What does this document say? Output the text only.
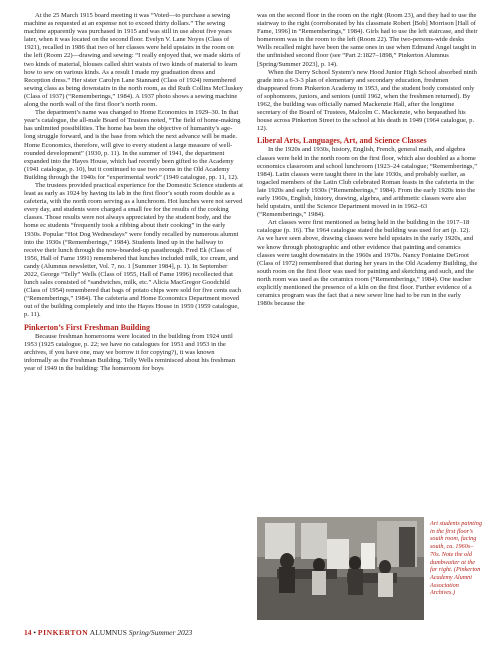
At the 25 March 1915 board meeting it was “Voted—to purchase a sewing machine as requested at an expense not to exceed thirty dollars.” The sewing machine apparently was purchased in 1915 and was still in use about five years later, when it was located on the second floor. Evelyn V. Lane Noyes (Class of 1921), recalled in 1986 that two of her classes were held upstairs in the room on the left (Room 22)—drawing and sewing: “I really enjoyed that, we made skirts of two kinds of material, blouses called shirt waists of two kinds of material to learn how to sew on various kinds. As a result I made my graduation dress and Reception dress.” Her sister Carolyn Lane Stannard (Class of 1924) remembered sewing class as being downstairs in the north room, as did Ruth Collins McCluskey (Class of 1937) (“Rememberings,” 1984). A 1937 photo shows a sewing machine along the north wall of the first floor’s north room.

The department’s name was changed to Home Economics in 1929–30. In that year’s catalogue, the all-male Board of Trustees noted, “The field of home-making has unlimited possibilities. The home has been the objective of humanity’s age-long struggle forward, and is the base from which the next advance will be made. Home Economics, therefore, will give to every student a large measure of well-rounded development” (1930, p. 11). In the summer of 1941, the department expanded into the Hayes House, which had recently been gifted to the Academy (1941 catalogue, p. 10), but it continued to use two rooms in the Old Academy Building through the 1940s for “experimental work” (1949 catalogue, pp. 11, 12).

The trustees provided practical experience for the Domestic Science students at least as early as 1924 by having its lab in the first floor’s south room double as a cafeteria, with the north room serving as a lunchroom. Hot lunches were not served every day, and students were charged a small fee for the results of the cooking classes. Those results were not always appreciated by the student body, and the home ec students “frequently took a ribbing about their cooking” in the early 1930s. Popular “Hot Dog Wednesdays” were fondly recalled by numerous alumni into the 1930s (“Rememberings,” 1984). Students lined up in the hallway to receive their lunch through the now-boarded-up passthrough. Fred Ek (Class of 1956, Hall of Fame 1991) remembered that lunches included milk, ice cream, and candy (Alumnus newsletter, Vol. 7, no. 1 [Summer 1984], p. 1). In September 2022, George “Telly” Wells (Class of 1955, Hall of Fame 1996) recollected that lunch sales consisted of “sandwiches, milk, etc.” Alicia MacGregor Goodchild (Class of 1954) remembered that bags of potato chips were sold for five cents each (“Rememberings,” 1984). The cafeteria and Home Economics Department moved out of the building completely and into the Hayes House in 1959 (1959 catalogue, p. 11).

Pinkerton’s First Freshman Building

Because freshman homerooms were located in the building from 1924 until 1953 (1925 catalogue, p. 22; we have no catalogues for 1951 and 1953 in the archives, if you have one, may we borrow it for copying?), it was known informally as the Freshman Building. Telly Wells reminisced about his freshman year of 1949 in the building: The homeroom for boys

was on the second floor in the room on the right (Room 23), and they had to use the stairway to the right (corroborated by his classmate Robert [Bob] Morrison [Hall of Fame, 1996] in “Rememberings,” 1984). Girls had to use the left staircase, and their homeroom was in the room to the left (Room 22). The two-persons-wide desks Wells recalled might have been the same ones in use when Edmund Angel taught in the unfinished second floor (see “Part 2:1827–1898,” Pinkerton Alumnus [Spring/Summer 2023], p. 14).

When the Derry School System’s new Hood Junior High School absorbed ninth grade into a 6-3-3 plan of elementary and secondary education, freshmen disappeared from Pinkerton Academy in 1953, and the student body consisted only of sophomores, juniors, and seniors (until 1962, when the freshmen returned). By 1962, the building was officially named Mackenzie Hall, after the longtime secretary of the Board of Trustees, Malcolm C. Mackenzie, who bequeathed his house across Pinkerton Street to the school at his death in 1949 (1964 catalogue, p. 12).

Liberal Arts, Languages, Art, and Science Classes

In the 1920s and 1930s, history, English, French, general math, and algebra classes were held in the north room on the first floor, which also doubled as a home economics classroom and school lunchroom (1923–24 catalogue; “Rememberings,” 1984). Latin classes were taught there in the late 1930s, and probably earlier, as togacled members of the Latin Club celebrated Roman feasts in the cafeteria in the late 1920s and early 1930s (“Rememberings,” 1984). From the early 1920s into the early 1960s, English, history, drawing, algebra, and arithmetic classes were also held upstairs, until the Science Department moved in in 1962–63 (“Rememberings,” 1984).

Art classes were first mentioned as being held in the building in the 1917–18 catalogue (p. 16). The 1964 catalogue stated the building was used for art (p. 12). As we have seen above, drawing classes were held upstairs in the early 1920s, and we know through photographic and other evidence that painting and ceramics classes were taught downstairs in the 1960s and 1970s. Nancy Fontaine DeGroot (Class of 1972) remembered that during her years in the Old Academy Building, the south room on the first floor was used for painting and sketching and such, and the north room was used as the ceramics room (“Rememberings,” 1984). One teacher explicitly mentioned the presence of a kiln on the first floor. Further evidence of a ceramics program was the fact that a new sewer line had to be run in the early 1980s because the

Art students painting in the first floor’s south room, facing south, ca. 1960s–70s. Note the old dumbwaiter at the far right. (Pinkerton Academy Alumni Association Archives.)
14 • PINKERTON ALUMNUS Spring/Summer 2023
